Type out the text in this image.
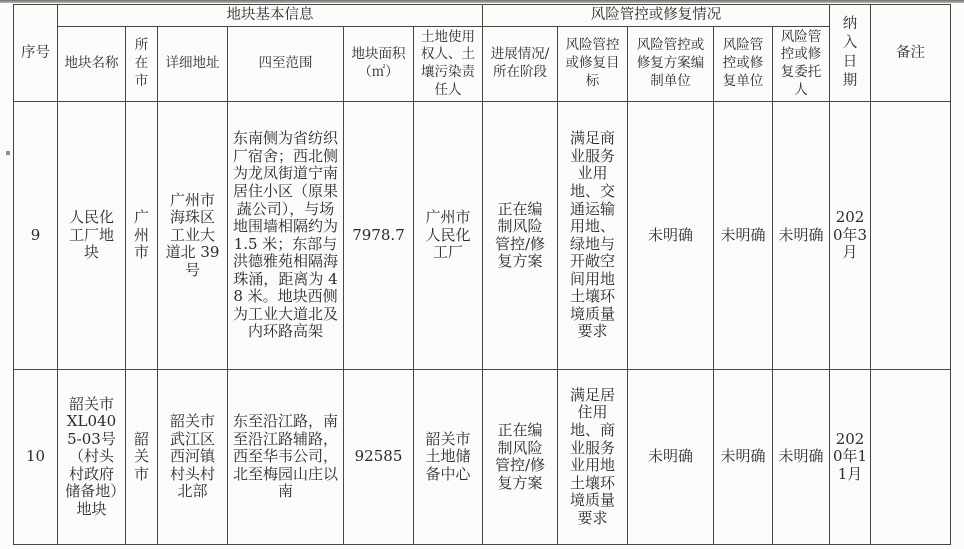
序号	地块基本信息						风险管控或修复情况					纳入日期	备注
	地块名称	所在市	详细地址	四至范围	地块面积（㎡）	土地使用权人、土壤污染责任人	进展情况/所在阶段	风险管控或修复目标	风险管控或修复方案编制单位	风险管控或修复单位	风险管控或修复委托人		
9	人民化工厂地块	广州市	广州市海珠区工业大道北 39 号	东南侧为省纺织厂宿舍；西北侧为龙凤街道宁南居住小区（原果蔬公司），与场地围墙相隔约为 1.5 米；东部与洪德雅苑相隔海珠涌，距离为 48 米。地块西侧为工业大道北及内环路高架	7978.7	广州市人民化工厂	正在编制风险管控/修复方案	满足商业服务业用地、交通运输用地、绿地与开敞空间用地土壤环境质量要求	未明确	未明确	未明确	2020年3月	
10	韶关市XL0405-03号（村头村政府储备地）地块	韶关市	韶关市武江区西河镇村头村北部	东至沿江路，南至沿江路辅路，西至华韦公司，北至梅园山庄以南	92585	韶关市土地储备中心	正在编制风险管控/修复方案	满足居住用地、商业服务业用地土壤环境质量要求	未明确	未明确	未明确	2020年11月	
